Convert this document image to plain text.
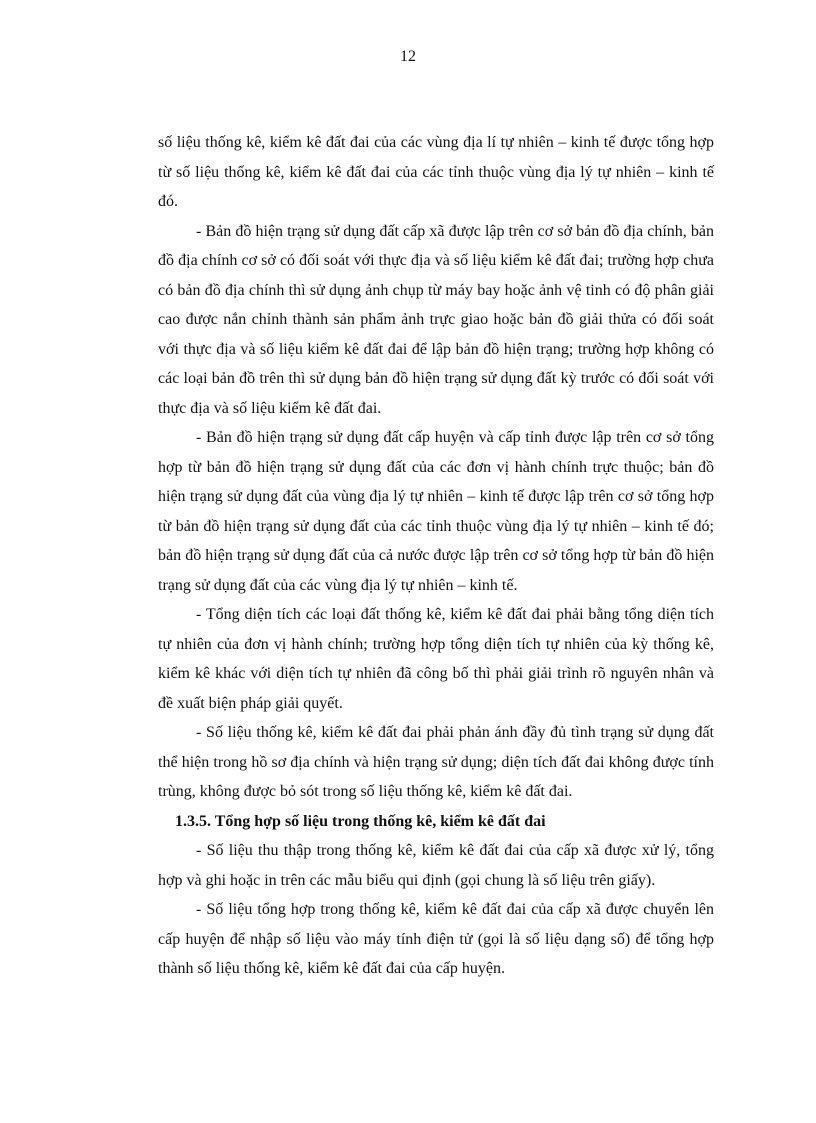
12

số liệu thống kê, kiểm kê đất đai của các vùng địa lí tự nhiên – kinh tế được tổng hợp từ số liệu thống kê, kiểm kê đất đai của các tỉnh thuộc vùng địa lý tự nhiên – kinh tế đó.

- Bản đồ hiện trạng sử dụng đất cấp xã được lập trên cơ sở bản đồ địa chính, bản đồ địa chính cơ sở có đối soát với thực địa và số liệu kiểm kê đất đai; trường hợp chưa có bản đồ địa chính thì sử dụng ảnh chụp từ máy bay hoặc ảnh vệ tinh có độ phân giải cao được nắn chỉnh thành sản phẩm ảnh trực giao hoặc bản đồ giải thửa có đối soát với thực địa và số liệu kiểm kê đất đai để lập bản đồ hiện trạng; trường hợp không có các loại bản đồ trên thì sử dụng bản đồ hiện trạng sử dụng đất kỳ trước có đối soát với thực địa và số liệu kiểm kê đất đai.

- Bản đồ hiện trạng sử dụng đất cấp huyện và cấp tỉnh được lập trên cơ sở tổng hợp từ bản đồ hiện trạng sử dụng đất của các đơn vị hành chính trực thuộc; bản đồ hiện trạng sử dụng đất của vùng địa lý tự nhiên – kinh tế được lập trên cơ sở tổng hợp từ bản đồ hiện trạng sử dụng đất của các tỉnh thuộc vùng địa lý tự nhiên – kinh tế đó; bản đồ hiện trạng sử dụng đất của cả nước được lập trên cơ sở tổng hợp từ bản đồ hiện trạng sử dụng đất của các vùng địa lý tự nhiên – kinh tế.

- Tổng diện tích các loại đất thống kê, kiểm kê đất đai phải bằng tổng diện tích tự nhiên của đơn vị hành chính; trường hợp tổng diện tích tự nhiên của kỳ thống kê, kiểm kê khác với diện tích tự nhiên đã công bố thì phải giải trình rõ nguyên nhân và đề xuất biện pháp giải quyết.

- Số liệu thống kê, kiểm kê đất đai phải phản ánh đầy đủ tình trạng sử dụng đất thể hiện trong hồ sơ địa chính và hiện trạng sử dụng; diện tích đất đai không được tính trùng, không được bỏ sót trong số liệu thống kê, kiểm kê đất đai.

1.3.5. Tổng hợp số liệu trong thống kê, kiểm kê đất đai

- Số liệu thu thập trong thống kê, kiểm kê đất đai của cấp xã được xử lý, tổng hợp và ghi hoặc in trên các mẫu biểu qui định (gọi chung là số liệu trên giấy).

- Số liệu tổng hợp trong thống kê, kiểm kê đất đai của cấp xã được chuyển lên cấp huyện để nhập số liệu vào máy tính điện tử (gọi là số liệu dạng số) để tổng hợp thành số liệu thống kê, kiểm kê đất đai của cấp huyện.
